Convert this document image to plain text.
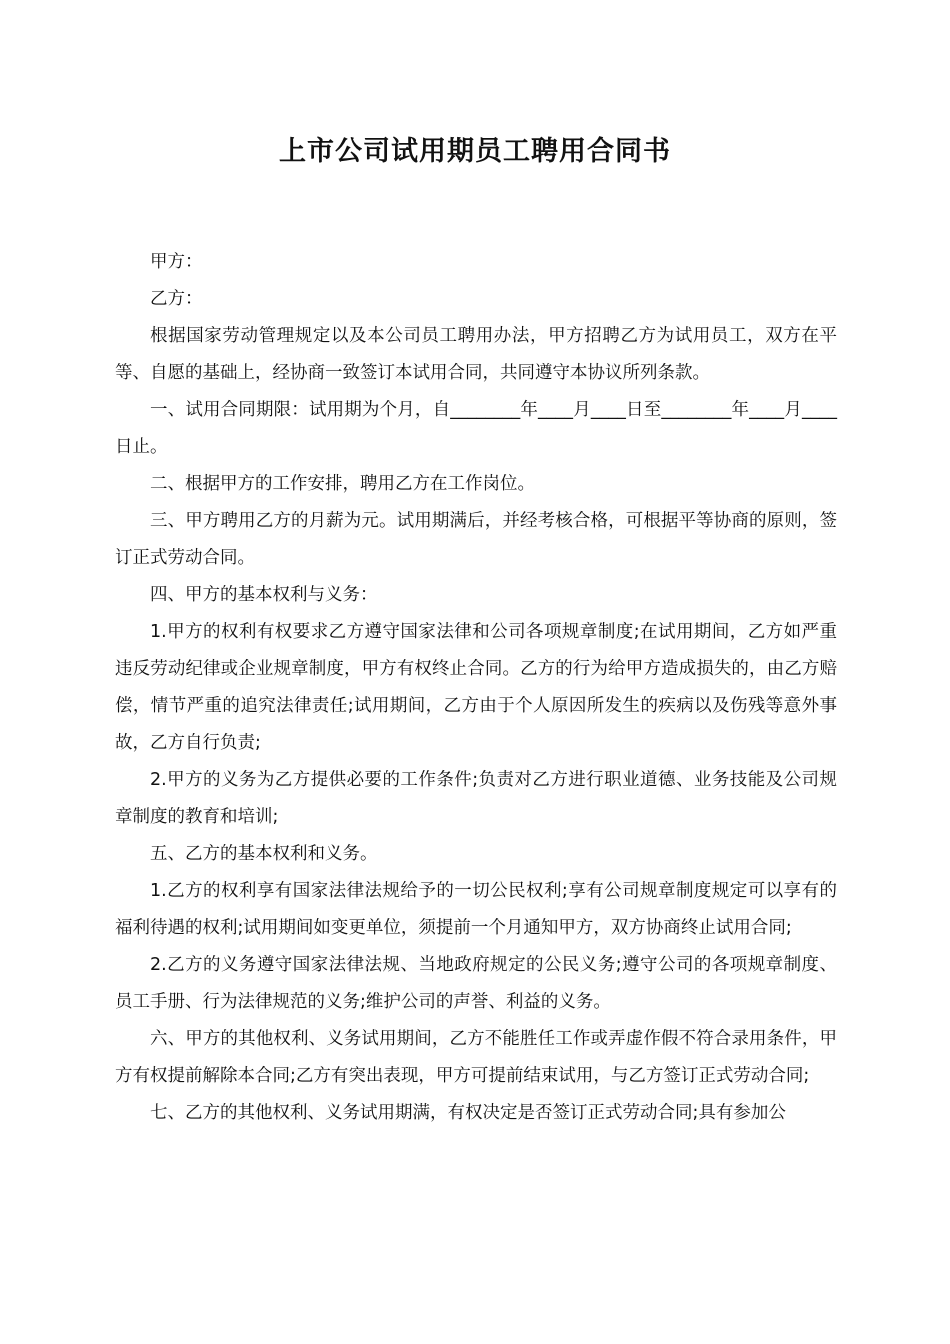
上市公司试用期员工聘用合同书

甲方：

乙方：

根据国家劳动管理规定以及本公司员工聘用办法，甲方招聘乙方为试用员工，双方在平等、自愿的基础上，经协商一致签订本试用合同，共同遵守本协议所列条款。

一、试用合同期限：试用期为个月，自________年____月____日至________年____月____日止。

二、根据甲方的工作安排，聘用乙方在工作岗位。

三、甲方聘用乙方的月薪为元。试用期满后，并经考核合格，可根据平等协商的原则，签订正式劳动合同。

四、甲方的基本权利与义务：

1.甲方的权利有权要求乙方遵守国家法律和公司各项规章制度;在试用期间，乙方如严重违反劳动纪律或企业规章制度，甲方有权终止合同。乙方的行为给甲方造成损失的，由乙方赔偿，情节严重的追究法律责任;试用期间，乙方由于个人原因所发生的疾病以及伤残等意外事故，乙方自行负责;

2.甲方的义务为乙方提供必要的工作条件;负责对乙方进行职业道德、业务技能及公司规章制度的教育和培训;

五、乙方的基本权利和义务。

1.乙方的权利享有国家法律法规给予的一切公民权利;享有公司规章制度规定可以享有的福利待遇的权利;试用期间如变更单位，须提前一个月通知甲方，双方协商终止试用合同;

2.乙方的义务遵守国家法律法规、当地政府规定的公民义务;遵守公司的各项规章制度、员工手册、行为法律规范的义务;维护公司的声誉、利益的义务。

六、甲方的其他权利、义务试用期间，乙方不能胜任工作或弄虚作假不符合录用条件，甲方有权提前解除本合同;乙方有突出表现，甲方可提前结束试用，与乙方签订正式劳动合同;

七、乙方的其他权利、义务试用期满，有权决定是否签订正式劳动合同;具有参加公
